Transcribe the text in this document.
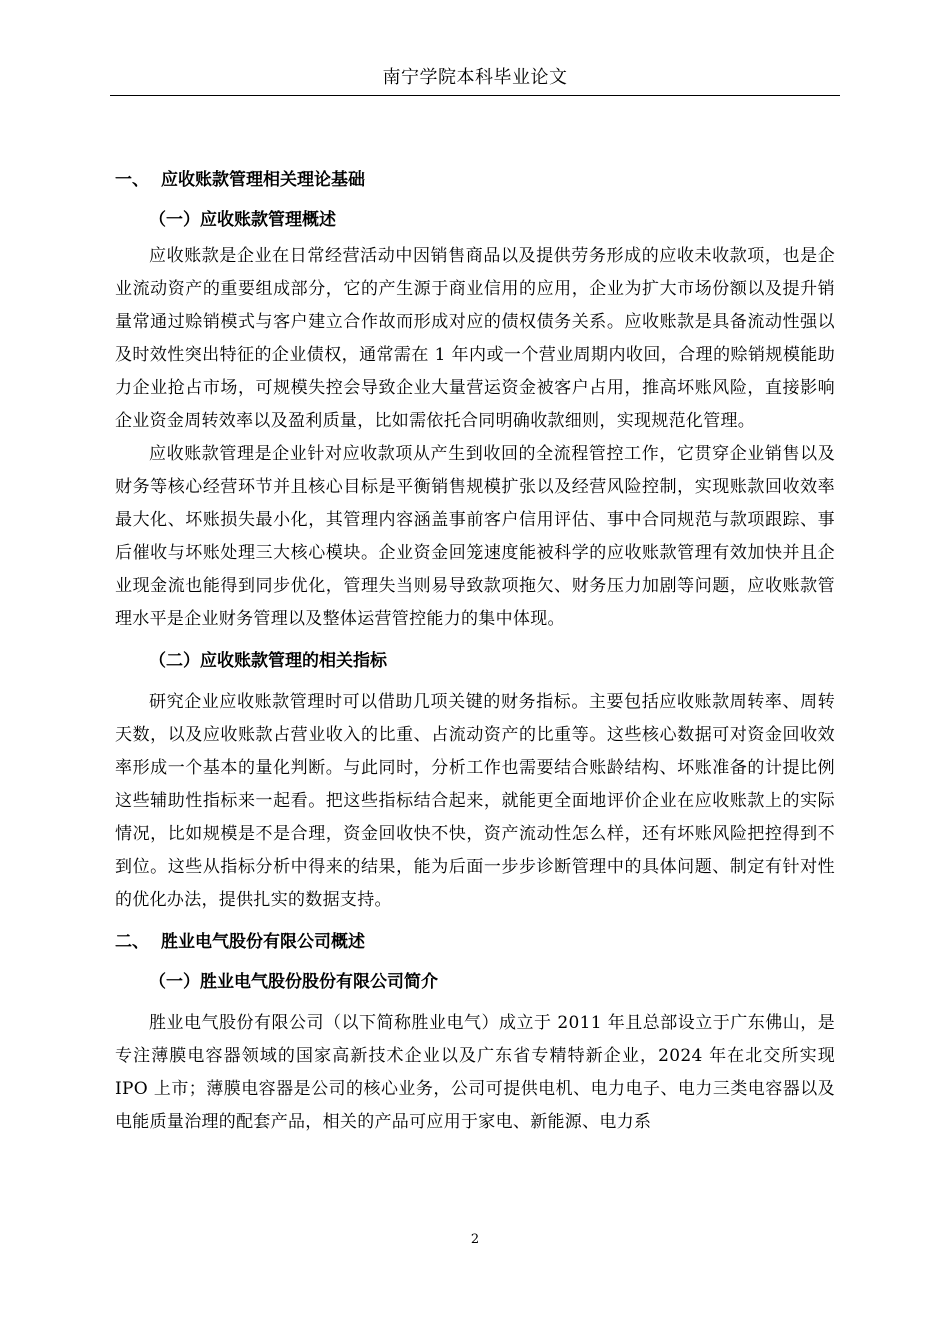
南宁学院本科毕业论文
一、 应收账款管理相关理论基础
（一）应收账款管理概述

应收账款是企业在日常经营活动中因销售商品以及提供劳务形成的应收未收款项，也是企业流动资产的重要组成部分，它的产生源于商业信用的应用，企业为扩大市场份额以及提升销量常通过赊销模式与客户建立合作故而形成对应的债权债务关系。应收账款是具备流动性强以及时效性突出特征的企业债权，通常需在 1 年内或一个营业周期内收回，合理的赊销规模能助力企业抢占市场，可规模失控会导致企业大量营运资金被客户占用，推高坏账风险，直接影响企业资金周转效率以及盈利质量，比如需依托合同明确收款细则，实现规范化管理。

应收账款管理是企业针对应收款项从产生到收回的全流程管控工作，它贯穿企业销售以及财务等核心经营环节并且核心目标是平衡销售规模扩张以及经营风险控制，实现账款回收效率最大化、坏账损失最小化，其管理内容涵盖事前客户信用评估、事中合同规范与款项跟踪、事后催收与坏账处理三大核心模块。企业资金回笼速度能被科学的应收账款管理有效加快并且企业现金流也能得到同步优化，管理失当则易导致款项拖欠、财务压力加剧等问题，应收账款管理水平是企业财务管理以及整体运营管控能力的集中体现。

（二）应收账款管理的相关指标

研究企业应收账款管理时可以借助几项关键的财务指标。主要包括应收账款周转率、周转天数，以及应收账款占营业收入的比重、占流动资产的比重等。这些核心数据可对资金回收效率形成一个基本的量化判断。与此同时，分析工作也需要结合账龄结构、坏账准备的计提比例这些辅助性指标来一起看。把这些指标结合起来，就能更全面地评价企业在应收账款上的实际情况，比如规模是不是合理，资金回收快不快，资产流动性怎么样，还有坏账风险把控得到不到位。这些从指标分析中得来的结果，能为后面一步步诊断管理中的具体问题、制定有针对性的优化办法，提供扎实的数据支持。

二、 胜业电气股份有限公司概述
（一）胜业电气股份股份有限公司简介

胜业电气股份有限公司（以下简称胜业电气）成立于 2011 年且总部设立于广东佛山，是专注薄膜电容器领域的国家高新技术企业以及广东省专精特新企业，2024 年在北交所实现 IPO 上市；薄膜电容器是公司的核心业务，公司可提供电机、电力电子、电力三类电容器以及电能质量治理的配套产品，相关的产品可应用于家电、新能源、电力系

2
